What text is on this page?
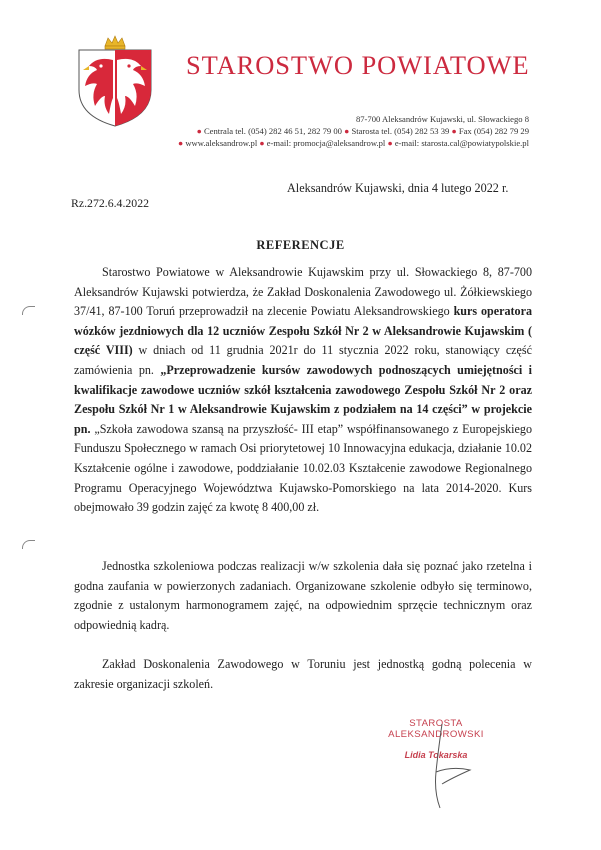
STAROSTWO POWIATOWE
87-700 Aleksandrów Kujawski, ul. Słowackiego 8
● Centrala tel. (054) 282 46 51, 282 79 00 ● Starosta tel. (054) 282 53 39 ● Fax (054) 282 79 29
● www.aleksandrow.pl ● e-mail: promocja@aleksandrow.pl ● e-mail: starosta.cal@powiatypolskie.pl
Aleksandrów Kujawski, dnia 4 lutego 2022 r.
Rz.272.6.4.2022
REFERENCJE
Starostwo Powiatowe w Aleksandrowie Kujawskim przy ul. Słowackiego 8, 87-700 Aleksandrów Kujawski potwierdza, że Zakład Doskonalenia Zawodowego ul. Żółkiewskiego 37/41, 87-100 Toruń przeprowadził na zlecenie Powiatu Aleksandrowskiego kurs operatora wózków jezdniowych dla 12 uczniów Zespołu Szkół Nr 2 w Aleksandrowie Kujawskim ( część VIII) w dniach od 11 grudnia 2021r do 11 stycznia 2022 roku, stanowiący część zamówienia pn. „Przeprowadzenie kursów zawodowych podnoszących umiejętności i kwalifikacje zawodowe uczniów szkół kształcenia zawodowego Zespołu Szkół Nr 2 oraz Zespołu Szkół Nr 1 w Aleksandrowie Kujawskim z podziałem na 14 części” w projekcie pn. „Szkoła zawodowa szansą na przyszłość- III etap” współfinansowanego z Europejskiego Funduszu Społecznego w ramach Osi priorytetowej 10 Innowacyjna edukacja, działanie 10.02 Kształcenie ogólne i zawodowe, poddziałanie 10.02.03 Kształcenie zawodowe Regionalnego Programu Operacyjnego Województwa Kujawsko-Pomorskiego na lata 2014-2020. Kurs obejmowało 39 godzin zajęć za kwotę 8 400,00 zł.
Jednostka szkoleniowa podczas realizacji w/w szkolenia dała się poznać jako rzetelna i godna zaufania w powierzonych zadaniach. Organizowane szkolenie odbyło się terminowo, zgodnie z ustalonym harmonogramem zajęć, na odpowiednim sprzęcie technicznym oraz odpowiednią kadrą.
Zakład Doskonalenia Zawodowego w Toruniu jest jednostką godną polecenia w zakresie organizacji szkoleń.
STAROSTA
ALEKSANDROWSKI
Lidia Tokarska
